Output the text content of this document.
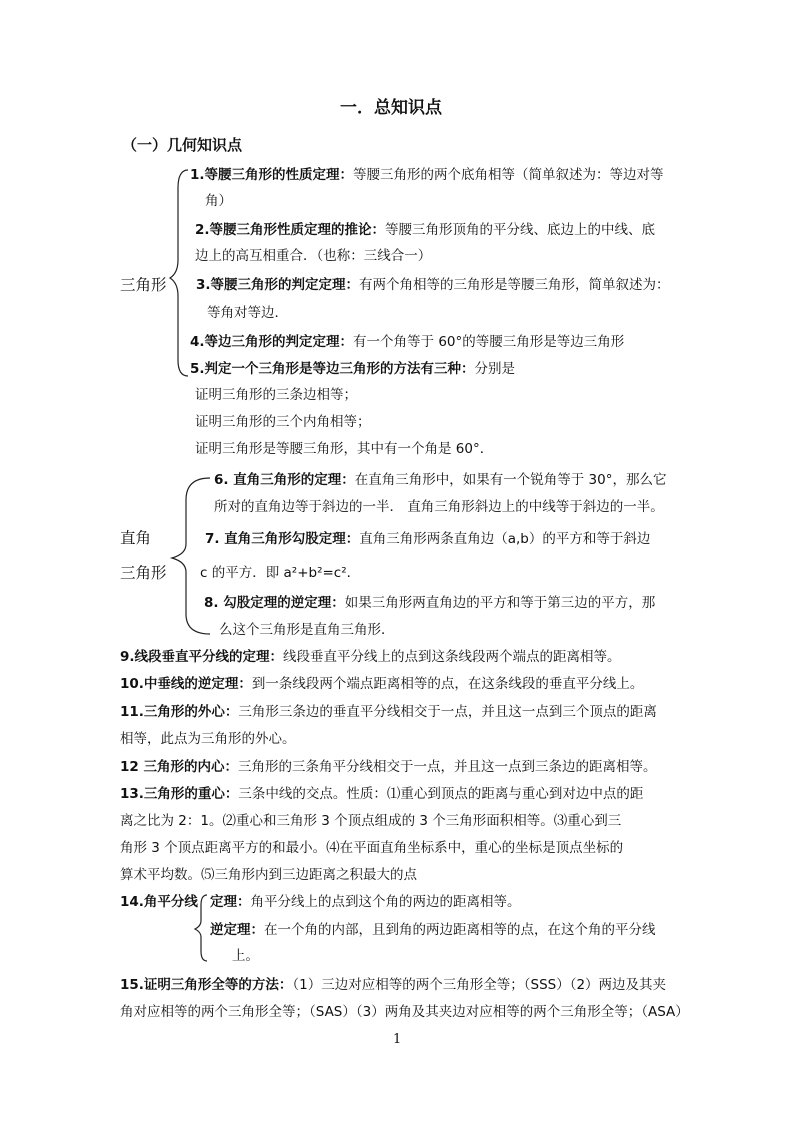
一．总知识点
（一）几何知识点
三角形
1.等腰三角形的性质定理：等腰三角形的两个底角相等（简单叙述为：等边对等
角）
2.等腰三角形性质定理的推论：等腰三角形顶角的平分线、底边上的中线、底
边上的高互相重合．（也称：三线合一）
3.等腰三角形的判定定理：有两个角相等的三角形是等腰三角形，简单叙述为：
等角对等边．
4.等边三角形的判定定理：有一个角等于 60°的等腰三角形是等边三角形
5.判定一个三角形是等边三角形的方法有三种：分别是
证明三角形的三条边相等；
证明三角形的三个内角相等；
证明三角形是等腰三角形，其中有一个角是 60°．
直角
三角形
6. 直角三角形的定理：在直角三角形中，如果有一个锐角等于 30°，那么它
所对的直角边等于斜边的一半． 直角三角形斜边上的中线等于斜边的一半。
7. 直角三角形勾股定理：直角三角形两条直角边（a,b）的平方和等于斜边
c 的平方．即 a²+b²=c²．
8. 勾股定理的逆定理：如果三角形两直角边的平方和等于第三边的平方，那
么这个三角形是直角三角形．
9.线段垂直平分线的定理：线段垂直平分线上的点到这条线段两个端点的距离相等。
10.中垂线的逆定理：到一条线段两个端点距离相等的点，在这条线段的垂直平分线上。
11.三角形的外心：三角形三条边的垂直平分线相交于一点，并且这一点到三个顶点的距离
相等，此点为三角形的外心。
12 三角形的内心：三角形的三条角平分线相交于一点，并且这一点到三条边的距离相等。
13.三角形的重心：三条中线的交点。性质：⑴重心到顶点的距离与重心到对边中点的距
离之比为 2：1。⑵重心和三角形 3 个顶点组成的 3 个三角形面积相等。⑶重心到三
角形 3 个顶点距离平方的和最小。⑷在平面直角坐标系中，重心的坐标是顶点坐标的
算术平均数。⑸三角形内到三边距离之积最大的点
14.角平分线 定理：角平分线上的点到这个角的两边的距离相等。
逆定理：在一个角的内部，且到角的两边距离相等的点，在这个角的平分线
上。
15.证明三角形全等的方法：（1）三边对应相等的两个三角形全等；（SSS）（2）两边及其夹
角对应相等的两个三角形全等；（SAS）（3）两角及其夹边对应相等的两个三角形全等；（ASA）
1
